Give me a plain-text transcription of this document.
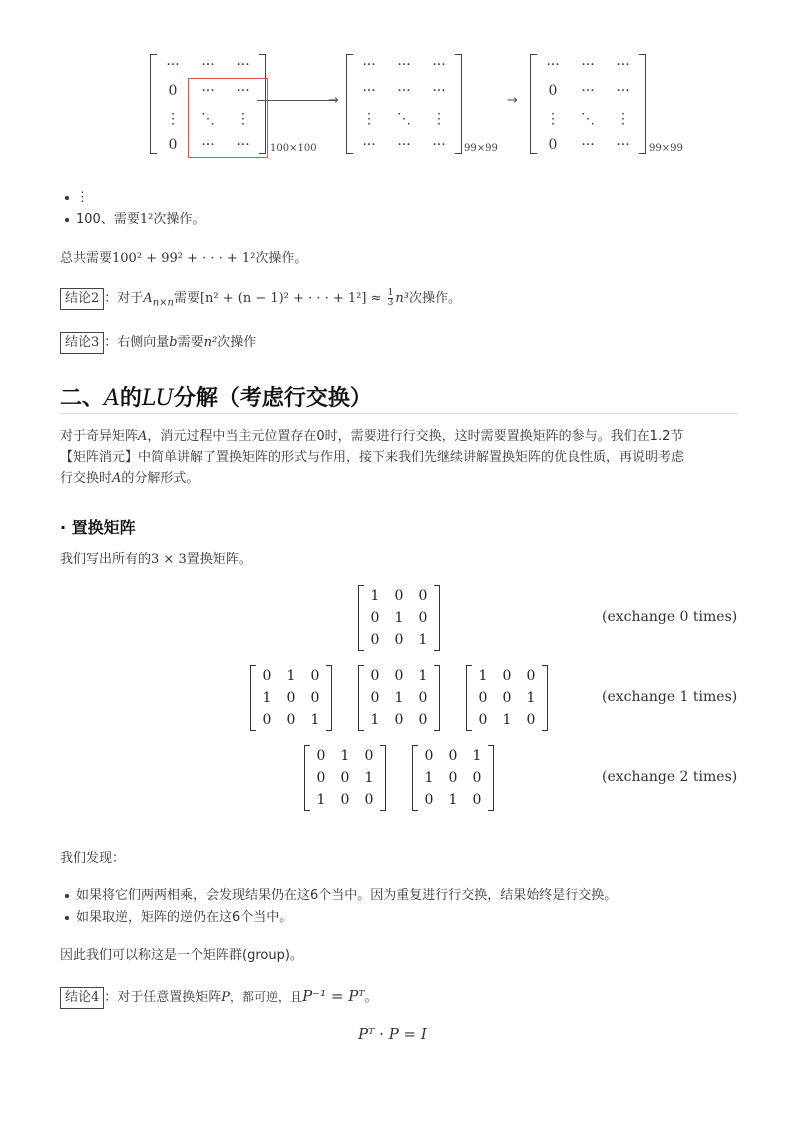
···	···	···
0	···	···
⋮	⋱	⋮
0	···	···	100×100
→
···	···	···
···	···	···
⋮	⋱	⋮
···	···	···	99×99
→
···	···	···
0	···	···
⋮	⋱	⋮
0	···	···	99×99
⋮
100、需要1²次操作。
总共需要100² + 99² + · · · + 1²次操作。
结论2 ：对于$A_{n\times n}$需要[n² + (n − 1)² + · · · + $1^2] \approx \frac{1}{3} n^3$次操作。
结论3 ：右侧向量b需要n²次操作
二、A的LU分解（考虑行交换）
对于奇异矩阵A，消元过程中当主元位置存在0时，需要进行行交换，这时需要置换矩阵的参与。我们在1.2节
【矩阵消元】中简单讲解了置换矩阵的形式与作用，接下来我们先继续讲解置换矩阵的优良性质，再说明考虑
行交换时A的分解形式。
· 置换矩阵
我们写出所有的3 × 3置换矩阵。
1	0	0
0	1	0
0	0	1
(exchange 0 times)
0	1	0
1	0	0
0	0	1
0	0	1
0	1	0
1	0	0
1	0	0
0	0	1
0	1	0
(exchange 1 times)
0	1	0
0	0	1
1	0	0
0	0	1
1	0	0
0	1	0
(exchange 2 times)
我们发现：
如果将它们两两相乘，会发现结果仍在这6个当中。因为重复进行行交换，结果始终是行交换。
如果取逆，矩阵的逆仍在这6个当中。
因此我们可以称这是一个矩阵群(group)。
结论4 ：对于任意置换矩阵P，都可逆，且P⁻¹ = Pᵀ。
Pᵀ · P = I
